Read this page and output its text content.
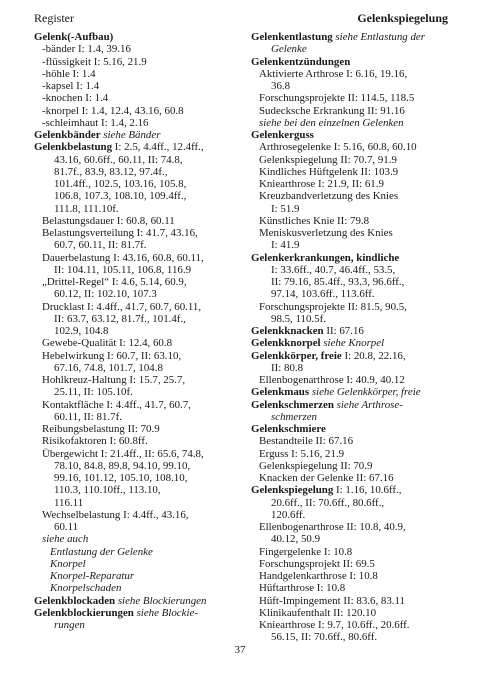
Register	Gelenkspiegelung
Gelenk(-Aufbau)
-bänder I: 1.4, 39.16
-flüssigkeit I: 5.16, 21.9
-höhle I: 1.4
-kapsel I: 1.4
-knochen I: 1.4
-knorpel I: 1.4, 12.4, 43.16, 60.8
-schleimhaut I: 1.4, 2.16
Gelenkbänder siehe Bänder
Gelenkbelastung I: 2.5, 4.4ff., 12.4ff.,
43.16, 60.6ff., 60.11, II: 74.8,
81.7f., 83.9, 83.12, 97.4f.,
101.4ff., 102.5, 103.16, 105.8,
106.8, 107.3, 108.10, 109.4ff.,
111.8, 111.10f.
Belastungsdauer I: 60.8, 60.11
Belastungsverteilung I: 41.7, 43.16,
60.7, 60.11, II: 81.7f.
Dauerbelastung I: 43.16, 60.8, 60.11,
II: 104.11, 105.11, 106.8, 116.9
„Drittel-Regel“ I: 4.6, 5.14, 60.9,
60.12, II: 102.10, 107.3
Drucklast I: 4.4ff., 41.7, 60.7, 60.11,
II: 63.7, 63.12, 81.7f., 101.4f.,
102.9, 104.8
Gewebe-Qualität I: 12.4, 60.8
Hebelwirkung I: 60.7, II: 63.10,
67.16, 74.8, 101.7, 104.8
Hohlkreuz-Haltung I: 15.7, 25.7,
25.11, II: 105.10f.
Kontaktfläche I: 4.4ff., 41.7, 60.7,
60.11, II: 81.7f.
Reibungsbelastung II: 70.9
Risikofaktoren I: 60.8ff.
Übergewicht I: 21.4ff., II: 65.6, 74.8,
78.10, 84.8, 89.8, 94.10, 99.10,
99.16, 101.12, 105.10, 108.10,
110.3, 110.10ff., 113.10,
116.11
Wechselbelastung I: 4.4ff., 43.16,
60.11
siehe auch
Entlastung der Gelenke
Knorpel
Knorpel-Reparatur
Knorpelschaden
Gelenkblockaden siehe Blockierungen
Gelenkblockierungen siehe Blockie-
rungen
Gelenkentlastung siehe Entlastung der
Gelenke
Gelenkentzündungen
Aktivierte Arthrose I: 6.16, 19.16,
36.8
Forschungsprojekte II: 114.5, 118.5
Sudecksche Erkrankung II: 91.16
siehe bei den einzelnen Gelenken
Gelenkerguss
Arthrosegelenke I: 5.16, 60.8, 60.10
Gelenkspiegelung II: 70.7, 91.9
Kindliches Hüftgelenk II: 103.9
Kniearthrose I: 21.9, II: 61.9
Kreuzbandverletzung des Knies
I: 51.9
Künstliches Knie II: 79.8
Meniskusverletzung des Knies
I: 41.9
Gelenkerkrankungen, kindliche
I: 33.6ff., 40.7, 46.4ff., 53.5,
II: 79.16, 85.4ff., 93.3, 96.6ff.,
97.14, 103.6ff., 113.6ff.
Forschungsprojekte II: 81.5, 90.5,
98.5, 110.5f.
Gelenkknacken II: 67.16
Gelenkknorpel siehe Knorpel
Gelenkkörper, freie I: 20.8, 22.16,
II: 80.8
Ellenbogenarthrose I: 40.9, 40.12
Gelenkmaus siehe Gelenkkörper, freie
Gelenkschmerzen siehe Arthrose-
schmerzen
Gelenkschmiere
Bestandteile II: 67.16
Erguss I: 5.16, 21.9
Gelenkspiegelung II: 70.9
Knacken der Gelenke II: 67.16
Gelenkspiegelung I: 1.16, 10.6ff.,
20.6ff., II: 70.6ff., 80.6ff.,
120.6ff.
Ellenbogenarthrose II: 10.8, 40.9,
40.12, 50.9
Fingergelenke I: 10.8
Forschungsprojekt II: 69.5
Handgelenkarthrose I: 10.8
Hüftarthrose I: 10.8
Hüft-Impingement II: 83.6, 83.11
Klinikaufenthalt II: 120.10
Kniearthrose I: 9.7, 10.6ff., 20.6ff.
56.15, II: 70.6ff., 80.6ff.
37
